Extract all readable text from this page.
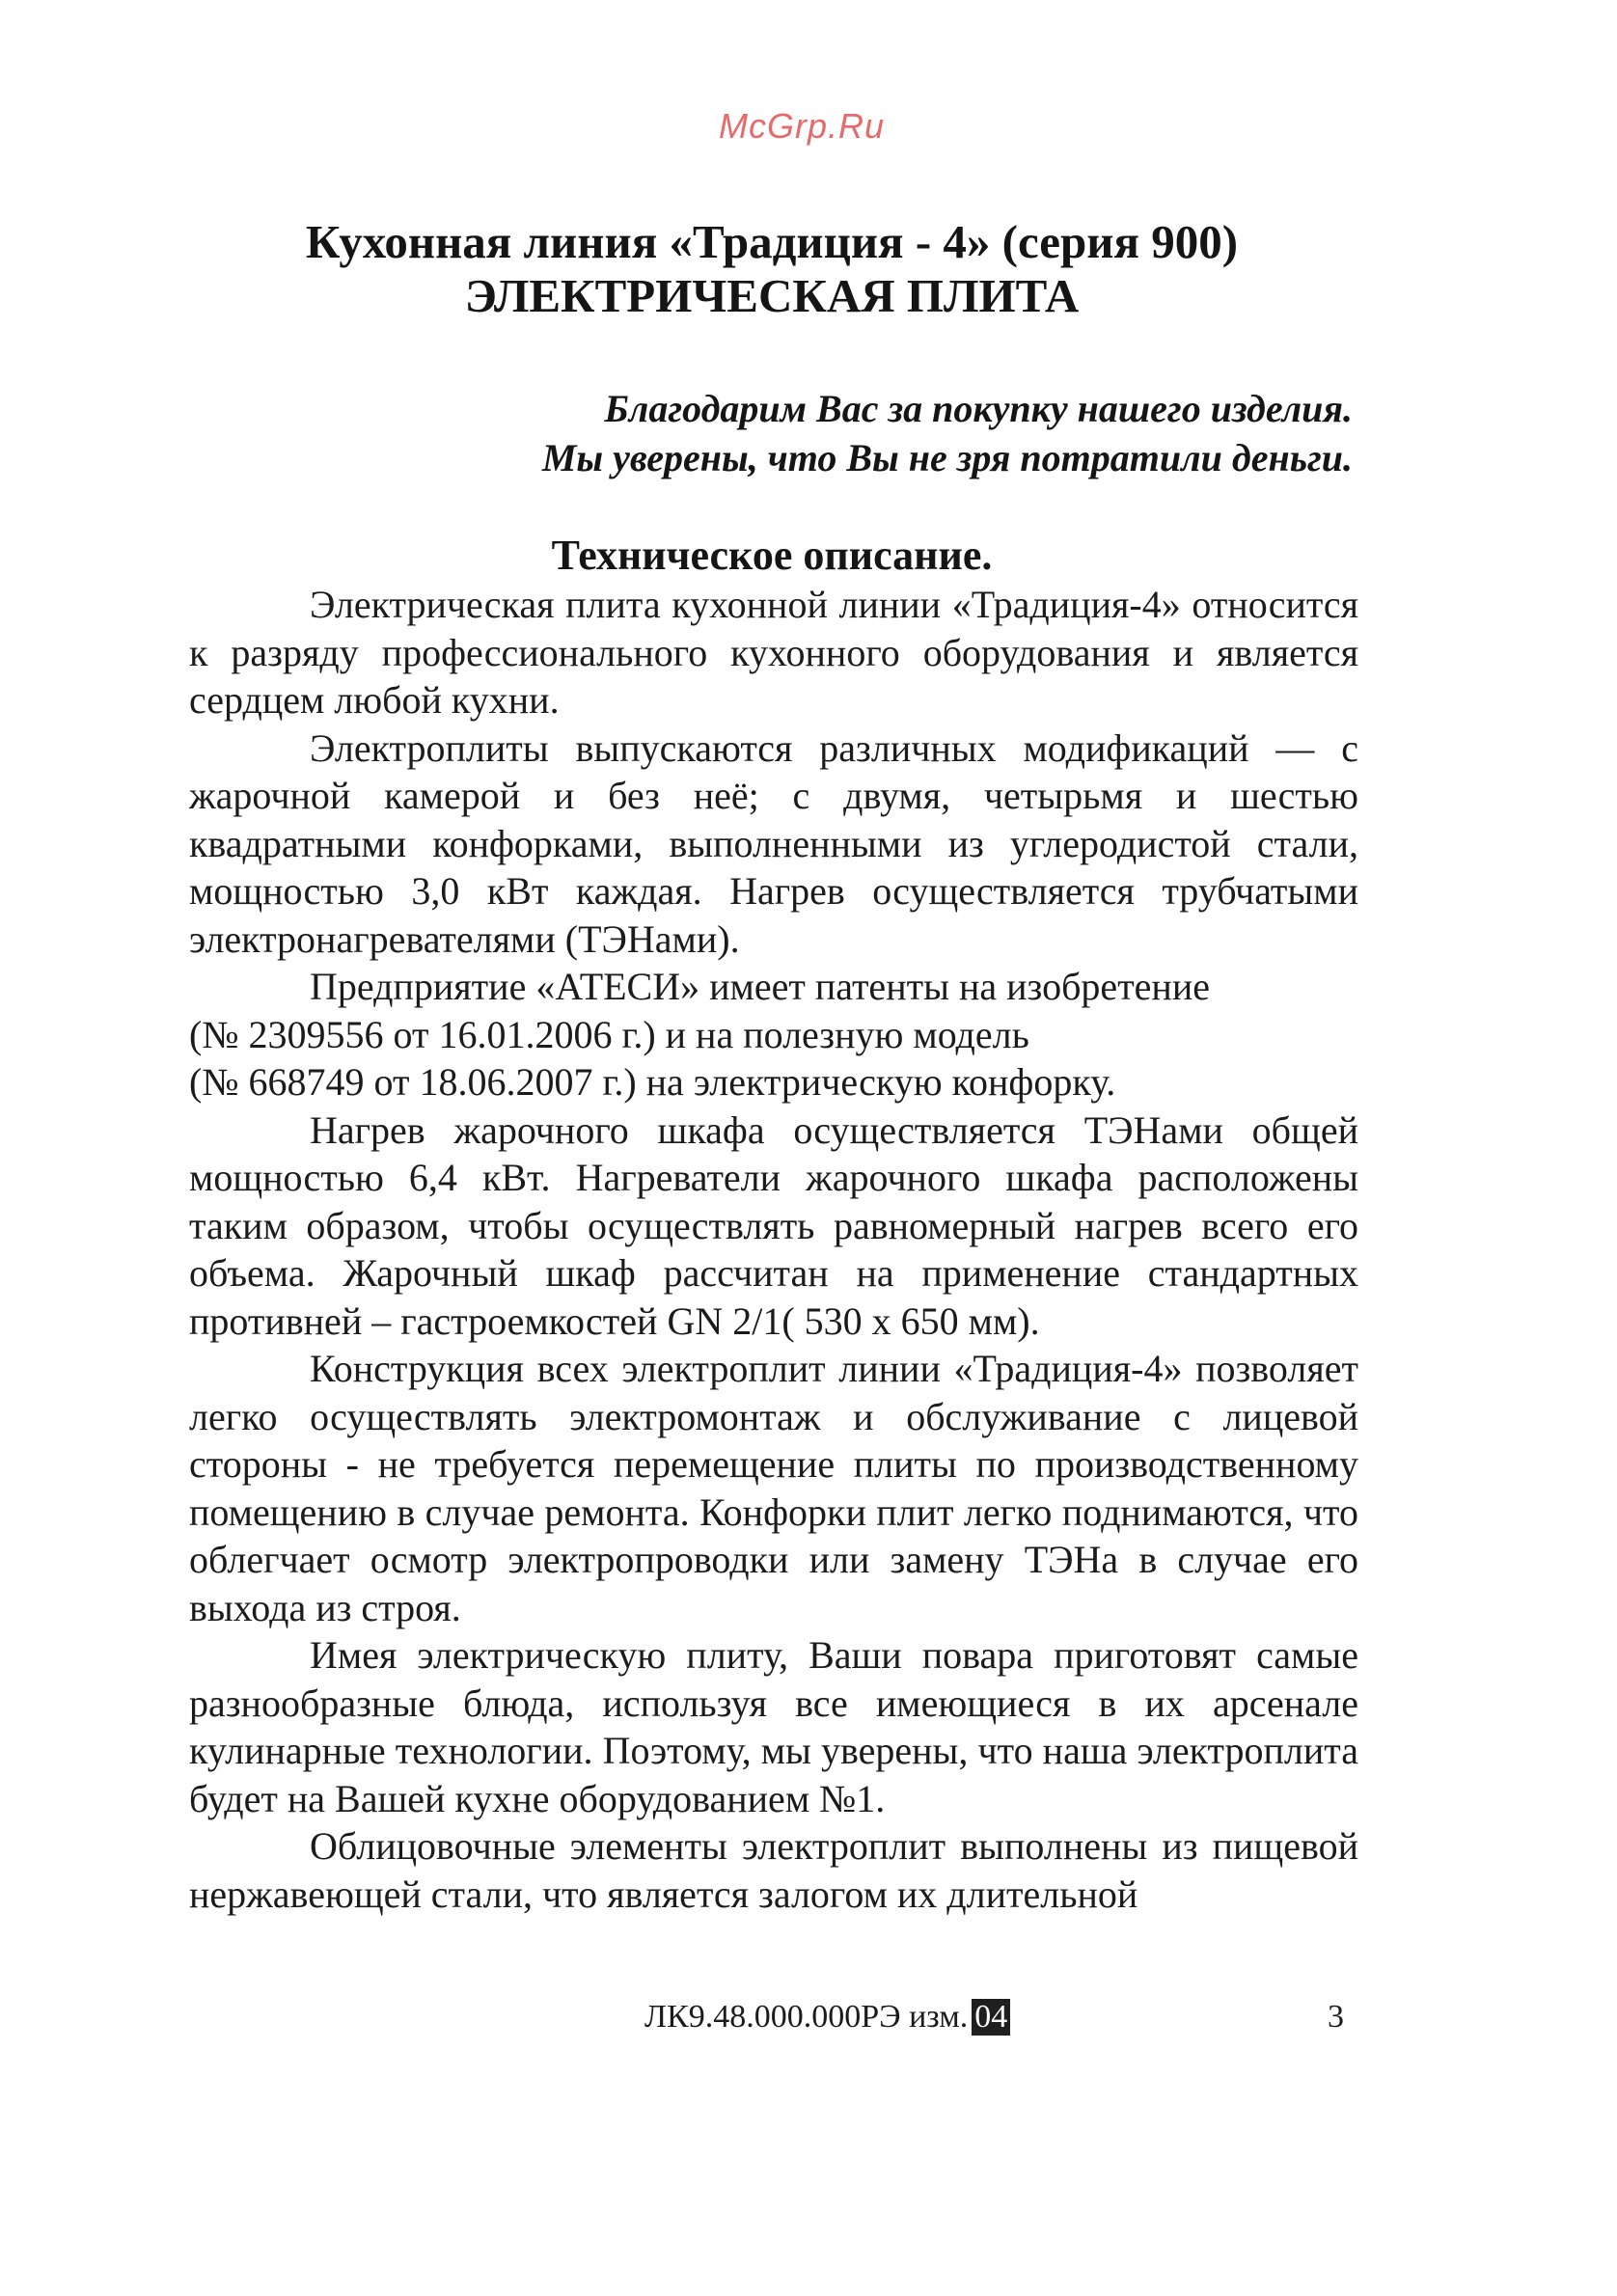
McGrp.Ru
Кухонная линия «Традиция - 4» (серия 900)
ЭЛЕКТРИЧЕСКАЯ ПЛИТА
Благодарим Вас за покупку нашего изделия.
Мы уверены, что Вы не зря потратили деньги.
Техническое описание.

Электрическая плита кухонной линии «Традиция-4» относится к разряду профессионального кухонного оборудования и является сердцем любой кухни.

Электроплиты выпускаются различных модификаций — с жарочной камерой и без неё; с двумя, четырьмя и шестью квадратными конфорками, выполненными из углеродистой стали, мощностью 3,0 кВт каждая. Нагрев осуществляется трубчатыми электронагревателями (ТЭНами).

Предприятие «АТЕСИ» имеет патенты на изобретение

(№ 2309556 от 16.01.2006 г.) и на полезную модель

(№ 668749 от 18.06.2007 г.) на электрическую конфорку.

Нагрев жарочного шкафа осуществляется ТЭНами общей мощностью 6,4 кВт. Нагреватели жарочного шкафа расположены таким образом, чтобы осуществлять равномерный нагрев всего его объема. Жарочный шкаф рассчитан на применение стандартных противней – гастроемкостей GN 2/1( 530 х 650 мм).

Конструкция всех электроплит линии «Традиция-4» позволяет легко осуществлять электромонтаж и обслуживание с лицевой стороны - не требуется перемещение плиты по производственному помещению в случае ремонта. Конфорки плит легко поднимаются, что облегчает осмотр электропроводки или замену ТЭНа в случае его выхода из строя.

Имея электрическую плиту, Ваши повара приготовят самые разнообразные блюда, используя все имеющиеся в их арсенале кулинарные технологии. Поэтому, мы уверены, что наша электроплита будет на Вашей кухне оборудованием №1.

Облицовочные элементы электроплит выполнены из пищевой нержавеющей стали, что является залогом их длительной

ЛК9.48.000.000РЭ изм. 04	3
